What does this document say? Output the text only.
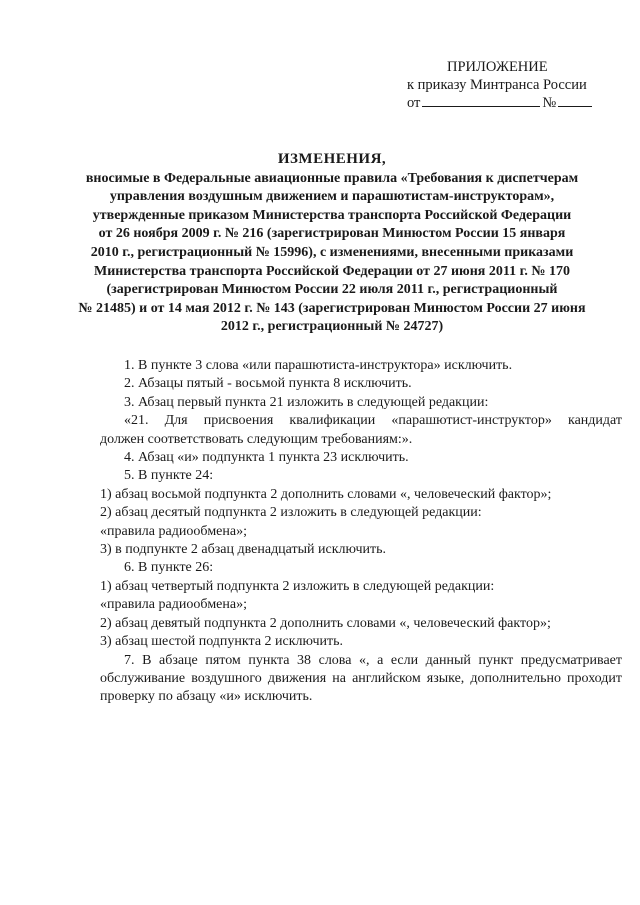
ПРИЛОЖЕНИЕ
к приказу Минтранса России
от	№
ИЗМЕНЕНИЯ,
вносимые в Федеральные авиационные правила «Требования к диспетчерам
управления воздушным движением и парашютистам-инструкторам»,
утвержденные приказом Министерства транспорта Российской Федерации
от 26 ноября 2009 г. № 216 (зарегистрирован Минюстом России 15 января
2010 г., регистрационный № 15996), с изменениями, внесенными приказами
Министерства транспорта Российской Федерации от 27 июня 2011 г. № 170
(зарегистрирован Минюстом России 22 июля 2011 г., регистрационный
№ 21485) и от 14 мая 2012 г. № 143 (зарегистрирован Минюстом России 27 июня
2012 г., регистрационный № 24727)
1. В пункте 3 слова «или парашютиста-инструктора» исключить.
2. Абзацы пятый - восьмой пункта 8 исключить.
3. Абзац первый пункта 21 изложить в следующей редакции:
«21. Для присвоения квалификации «парашютист-инструктор» кандидат
должен соответствовать следующим требованиям:».
4. Абзац «и» подпункта 1 пункта 23 исключить.
5. В пункте 24:
1) абзац восьмой подпункта 2 дополнить словами «, человеческий фактор»;
2) абзац десятый подпункта 2 изложить в следующей редакции:
«правила радиообмена»;
3) в подпункте 2 абзац двенадцатый исключить.
6. В пункте 26:
1) абзац четвертый подпункта 2 изложить в следующей редакции:
«правила радиообмена»;
2) абзац девятый подпункта 2 дополнить словами «, человеческий фактор»;
3) абзац шестой подпункта 2 исключить.
7. В абзаце пятом пункта 38 слова «, а если данный пункт предусматривает
обслуживание воздушного движения на английском языке, дополнительно проходит
проверку по абзацу «и» исключить.
